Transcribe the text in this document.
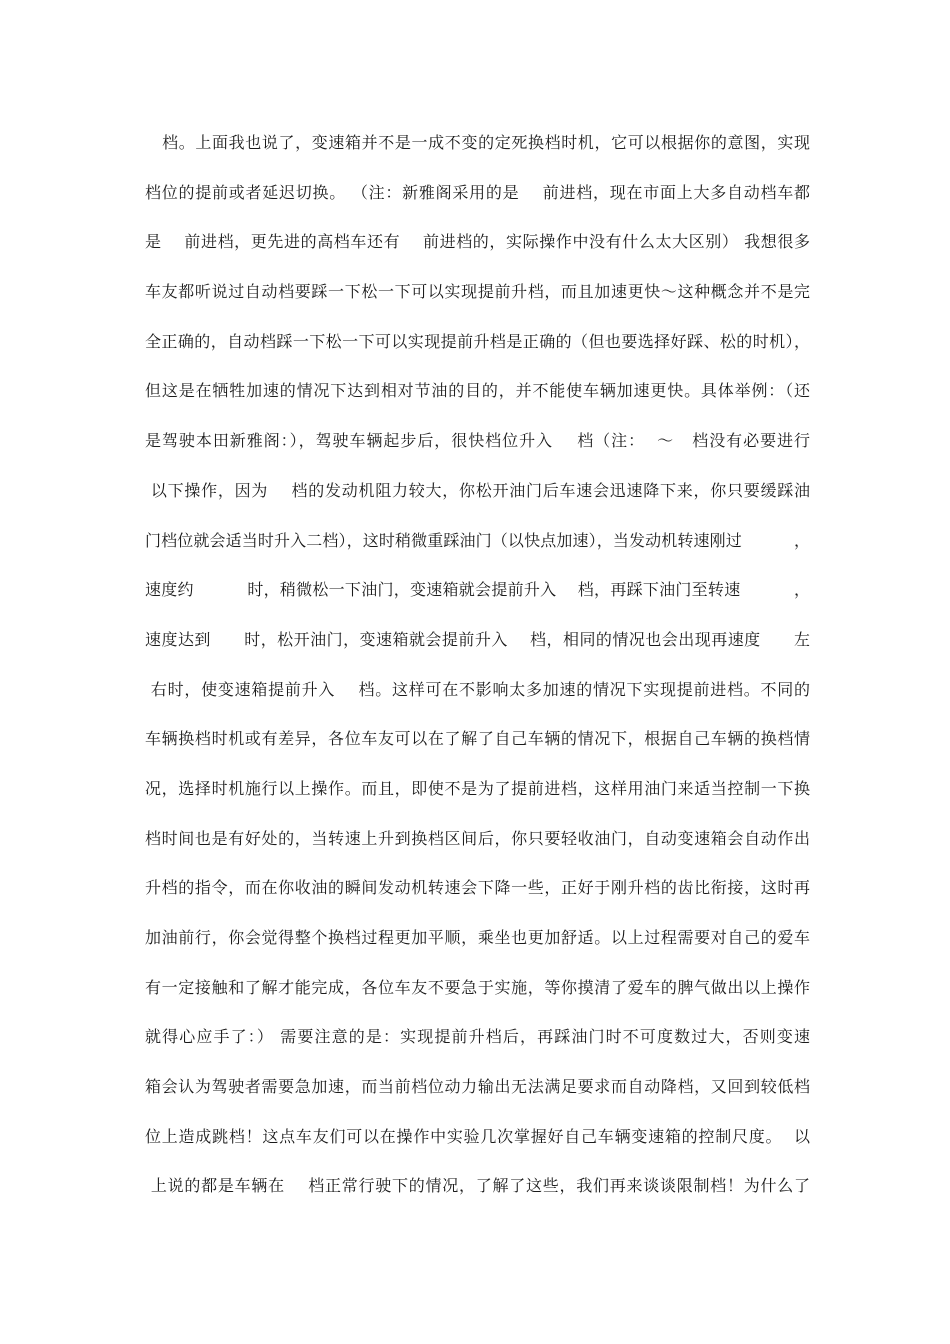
档。上面我也说了，变速箱并不是一成不变的定死换档时机，它可以根据你的意图，实现
档位的提前或者延迟切换。 （注：新雅阁采用的是    前进档，现在市面上大多自动档车都
是    前进档，更先进的高档车还有    前进档的，实际操作中没有什么太大区别） 我想很多
车友都听说过自动档要踩一下松一下可以实现提前升档，而且加速更快～这种概念并不是完
全正确的，自动档踩一下松一下可以实现提前升档是正确的（但也要选择好踩、松的时机），
但这是在牺牲加速的情况下达到相对节油的目的，并不能使车辆加速更快。具体举例：（还
是驾驶本田新雅阁：），驾驶车辆起步后，很快档位升入    档（注：  ～   档没有必要进行
以下操作，因为    档的发动机阻力较大，你松开油门后车速会迅速降下来，你只要缓踩油
门档位就会适当时升入二档），这时稍微重踩油门（以快点加速），当发动机转速刚过          ，
速度约          时，稍微松一下油门，变速箱就会提前升入    档，再踩下油门至转速          ，
速度达到      时，松开油门，变速箱就会提前升入    档，相同的情况也会出现再速度      左
右时，使变速箱提前升入    档。这样可在不影响太多加速的情况下实现提前进档。不同的
车辆换档时机或有差异，各位车友可以在了解了自己车辆的情况下，根据自己车辆的换档情
况，选择时机施行以上操作。而且，即使不是为了提前进档，这样用油门来适当控制一下换
档时间也是有好处的，当转速上升到换档区间后，你只要轻收油门，自动变速箱会自动作出
升档的指令，而在你收油的瞬间发动机转速会下降一些，正好于刚升档的齿比衔接，这时再
加油前行，你会觉得整个换档过程更加平顺，乘坐也更加舒适。以上过程需要对自己的爱车
有一定接触和了解才能完成，各位车友不要急于实施，等你摸清了爱车的脾气做出以上操作
就得心应手了：） 需要注意的是：实现提前升档后，再踩油门时不可度数过大，否则变速
箱会认为驾驶者需要急加速，而当前档位动力输出无法满足要求而自动降档，又回到较低档
位上造成跳档！这点车友们可以在操作中实验几次掌握好自己车辆变速箱的控制尺度。  以
上说的都是车辆在    档正常行驶下的情况，了解了这些，我们再来谈谈限制档！为什么了
